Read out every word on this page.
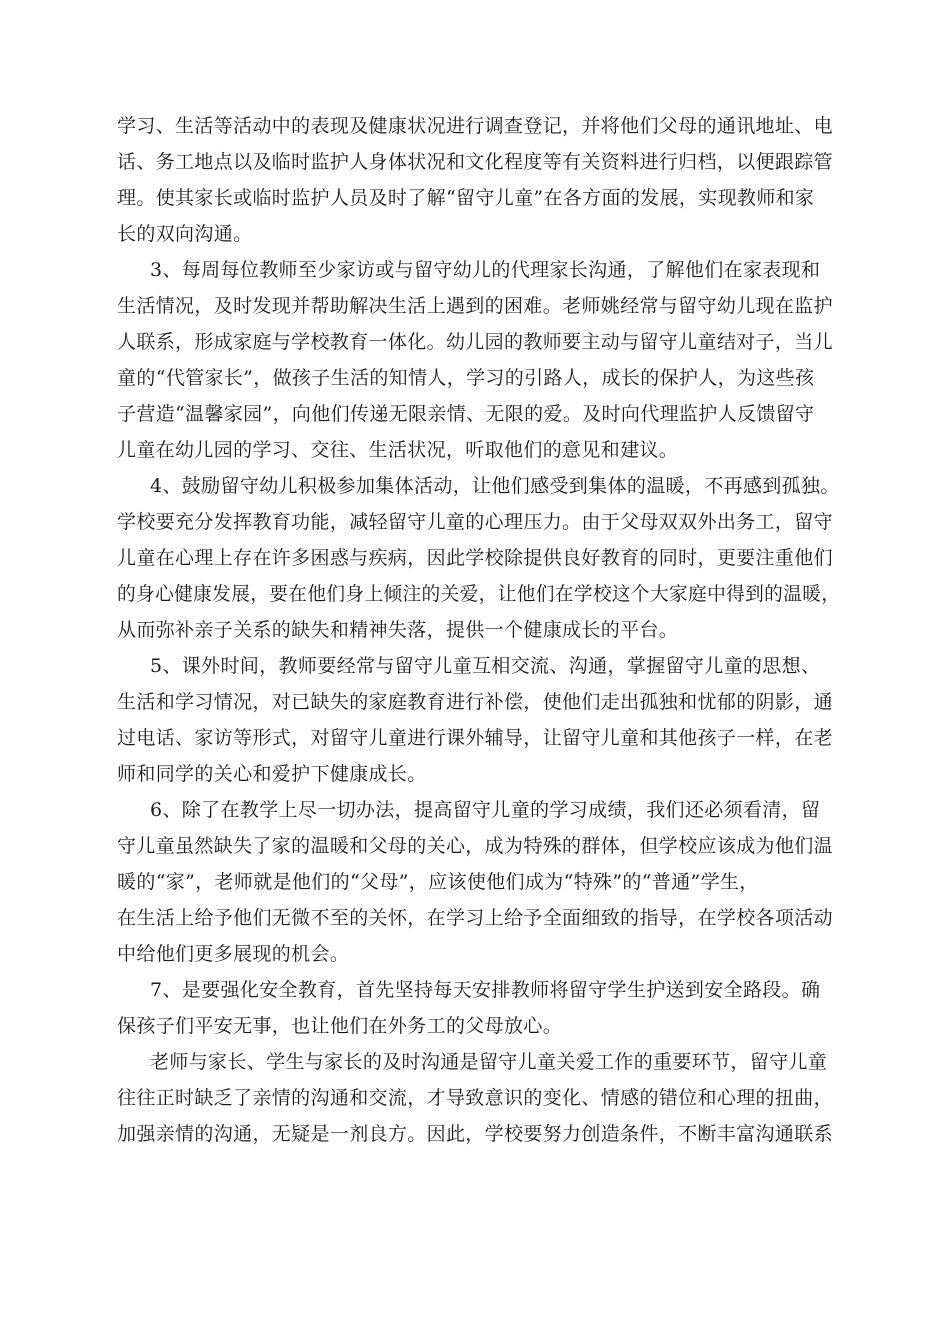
学习、生活等活动中的表现及健康状况进行调查登记，并将他们父母的通讯地址、电
话、务工地点以及临时监护人身体状况和文化程度等有关资料进行归档，以便跟踪管
理。使其家长或临时监护人员及时了解“留守儿童”在各方面的发展，实现教师和家
长的双向沟通。
3、每周每位教师至少家访或与留守幼儿的代理家长沟通，了解他们在家表现和
生活情况，及时发现并帮助解决生活上遇到的困难。老师姚经常与留守幼儿现在监护
人联系，形成家庭与学校教育一体化。幼儿园的教师要主动与留守儿童结对子，当儿
童的“代管家长”，做孩子生活的知情人，学习的引路人，成长的保护人，为这些孩
子营造“温馨家园”，向他们传递无限亲情、无限的爱。及时向代理监护人反馈留守
儿童在幼儿园的学习、交往、生活状况，听取他们的意见和建议。
4、鼓励留守幼儿积极参加集体活动，让他们感受到集体的温暖，不再感到孤独。
学校要充分发挥教育功能，减轻留守儿童的心理压力。由于父母双双外出务工，留守
儿童在心理上存在许多困惑与疾病，因此学校除提供良好教育的同时，更要注重他们
的身心健康发展，要在他们身上倾注的关爱，让他们在学校这个大家庭中得到的温暖，
从而弥补亲子关系的缺失和精神失落，提供一个健康成长的平台。
5、课外时间，教师要经常与留守儿童互相交流、沟通，掌握留守儿童的思想、
生活和学习情况，对已缺失的家庭教育进行补偿，使他们走出孤独和忧郁的阴影，通
过电话、家访等形式，对留守儿童进行课外辅导，让留守儿童和其他孩子一样，在老
师和同学的关心和爱护下健康成长。
6、除了在教学上尽一切办法，提高留守儿童的学习成绩，我们还必须看清，留
守儿童虽然缺失了家的温暖和父母的关心，成为特殊的群体，但学校应该成为他们温
暖的“家”，老师就是他们的“父母”，应该使他们成为“特殊”的“普通”学生，
在生活上给予他们无微不至的关怀，在学习上给予全面细致的指导，在学校各项活动
中给他们更多展现的机会。
7、是要强化安全教育，首先坚持每天安排教师将留守学生护送到安全路段。确
保孩子们平安无事，也让他们在外务工的父母放心。
老师与家长、学生与家长的及时沟通是留守儿童关爱工作的重要环节，留守儿童
往往正时缺乏了亲情的沟通和交流，才导致意识的变化、情感的错位和心理的扭曲，
加强亲情的沟通，无疑是一剂良方。因此，学校要努力创造条件，不断丰富沟通联系
